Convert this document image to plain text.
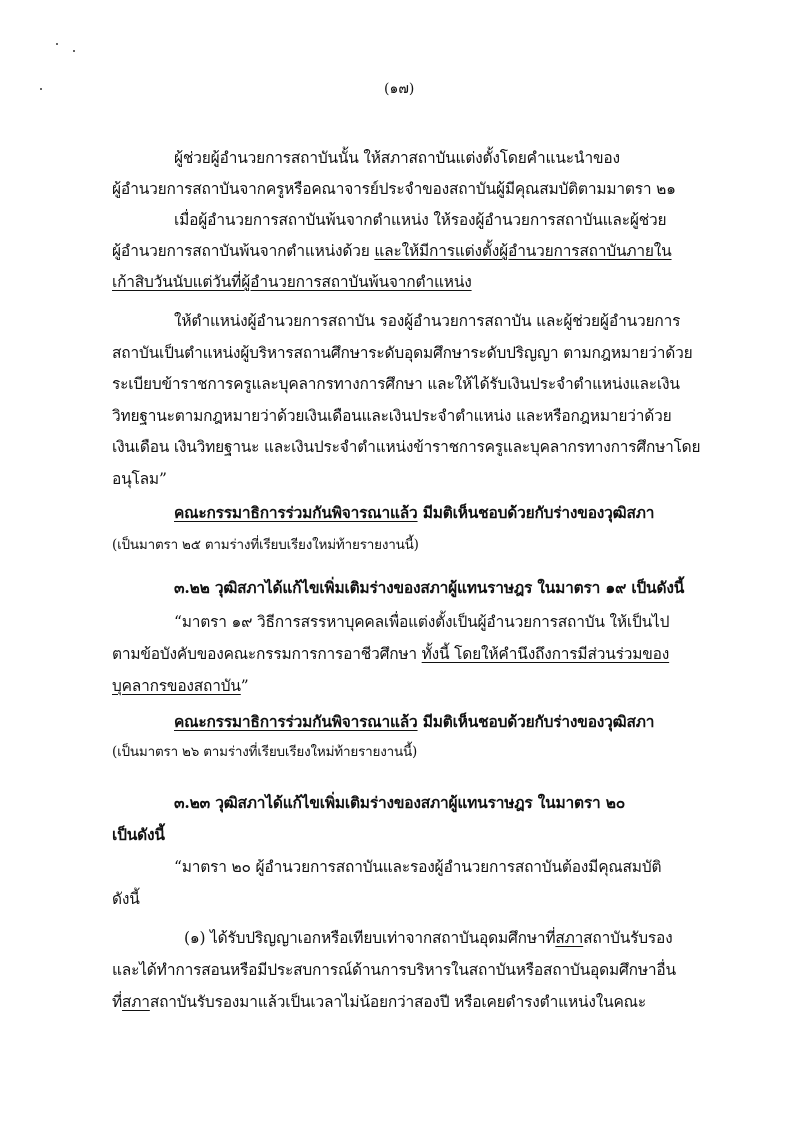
(๑๗)
ผู้ช่วยผู้อำนวยการสถาบันนั้น ให้สภาสถาบันแต่งตั้งโดยคำแนะนำของ
ผู้อำนวยการสถาบันจากครูหรือคณาจารย์ประจำของสถาบันผู้มีคุณสมบัติตามมาตรา ๒๑
เมื่อผู้อำนวยการสถาบันพ้นจากตำแหน่ง ให้รองผู้อำนวยการสถาบันและผู้ช่วย
ผู้อำนวยการสถาบันพ้นจากตำแหน่งด้วย และให้มีการแต่งตั้งผู้อำนวยการสถาบันภายใน
เก้าสิบวันนับแต่วันที่ผู้อำนวยการสถาบันพ้นจากตำแหน่ง
ให้ตำแหน่งผู้อำนวยการสถาบัน รองผู้อำนวยการสถาบัน และผู้ช่วยผู้อำนวยการ
สถาบันเป็นตำแหน่งผู้บริหารสถานศึกษาระดับอุดมศึกษาระดับปริญญา ตามกฎหมายว่าด้วย
ระเบียบข้าราชการครูและบุคลากรทางการศึกษา และให้ได้รับเงินประจำตำแหน่งและเงิน
วิทยฐานะตามกฎหมายว่าด้วยเงินเดือนและเงินประจำตำแหน่ง และหรือกฎหมายว่าด้วย
เงินเดือน เงินวิทยฐานะ และเงินประจำตำแหน่งข้าราชการครูและบุคลากรทางการศึกษาโดย
อนุโลม”
คณะกรรมาธิการร่วมกันพิจารณาแล้ว มีมติเห็นชอบด้วยกับร่างของวุฒิสภา
(เป็นมาตรา ๒๕ ตามร่างที่เรียบเรียงใหม่ท้ายรายงานนี้)
๓.๒๒ วุฒิสภาได้แก้ไขเพิ่มเติมร่างของสภาผู้แทนราษฎร ในมาตรา ๑๙ เป็นดังนี้
“มาตรา ๑๙ วิธีการสรรหาบุคคลเพื่อแต่งตั้งเป็นผู้อำนวยการสถาบัน ให้เป็นไป
ตามข้อบังคับของคณะกรรมการการอาชีวศึกษา ทั้งนี้ โดยให้คำนึงถึงการมีส่วนร่วมของ
บุคลากรของสถาบัน”
คณะกรรมาธิการร่วมกันพิจารณาแล้ว มีมติเห็นชอบด้วยกับร่างของวุฒิสภา
(เป็นมาตรา ๒๖ ตามร่างที่เรียบเรียงใหม่ท้ายรายงานนี้)
๓.๒๓ วุฒิสภาได้แก้ไขเพิ่มเติมร่างของสภาผู้แทนราษฎร ในมาตรา ๒๐
เป็นดังนี้
“มาตรา ๒๐ ผู้อำนวยการสถาบันและรองผู้อำนวยการสถาบันต้องมีคุณสมบัติ
ดังนี้
(๑) ได้รับปริญญาเอกหรือเทียบเท่าจากสถาบันอุดมศึกษาที่สภาสถาบันรับรอง
และได้ทำการสอนหรือมีประสบการณ์ด้านการบริหารในสถาบันหรือสถาบันอุดมศึกษาอื่น
ที่สภาสถาบันรับรองมาแล้วเป็นเวลาไม่น้อยกว่าสองปี หรือเคยดำรงตำแหน่งในคณะ
